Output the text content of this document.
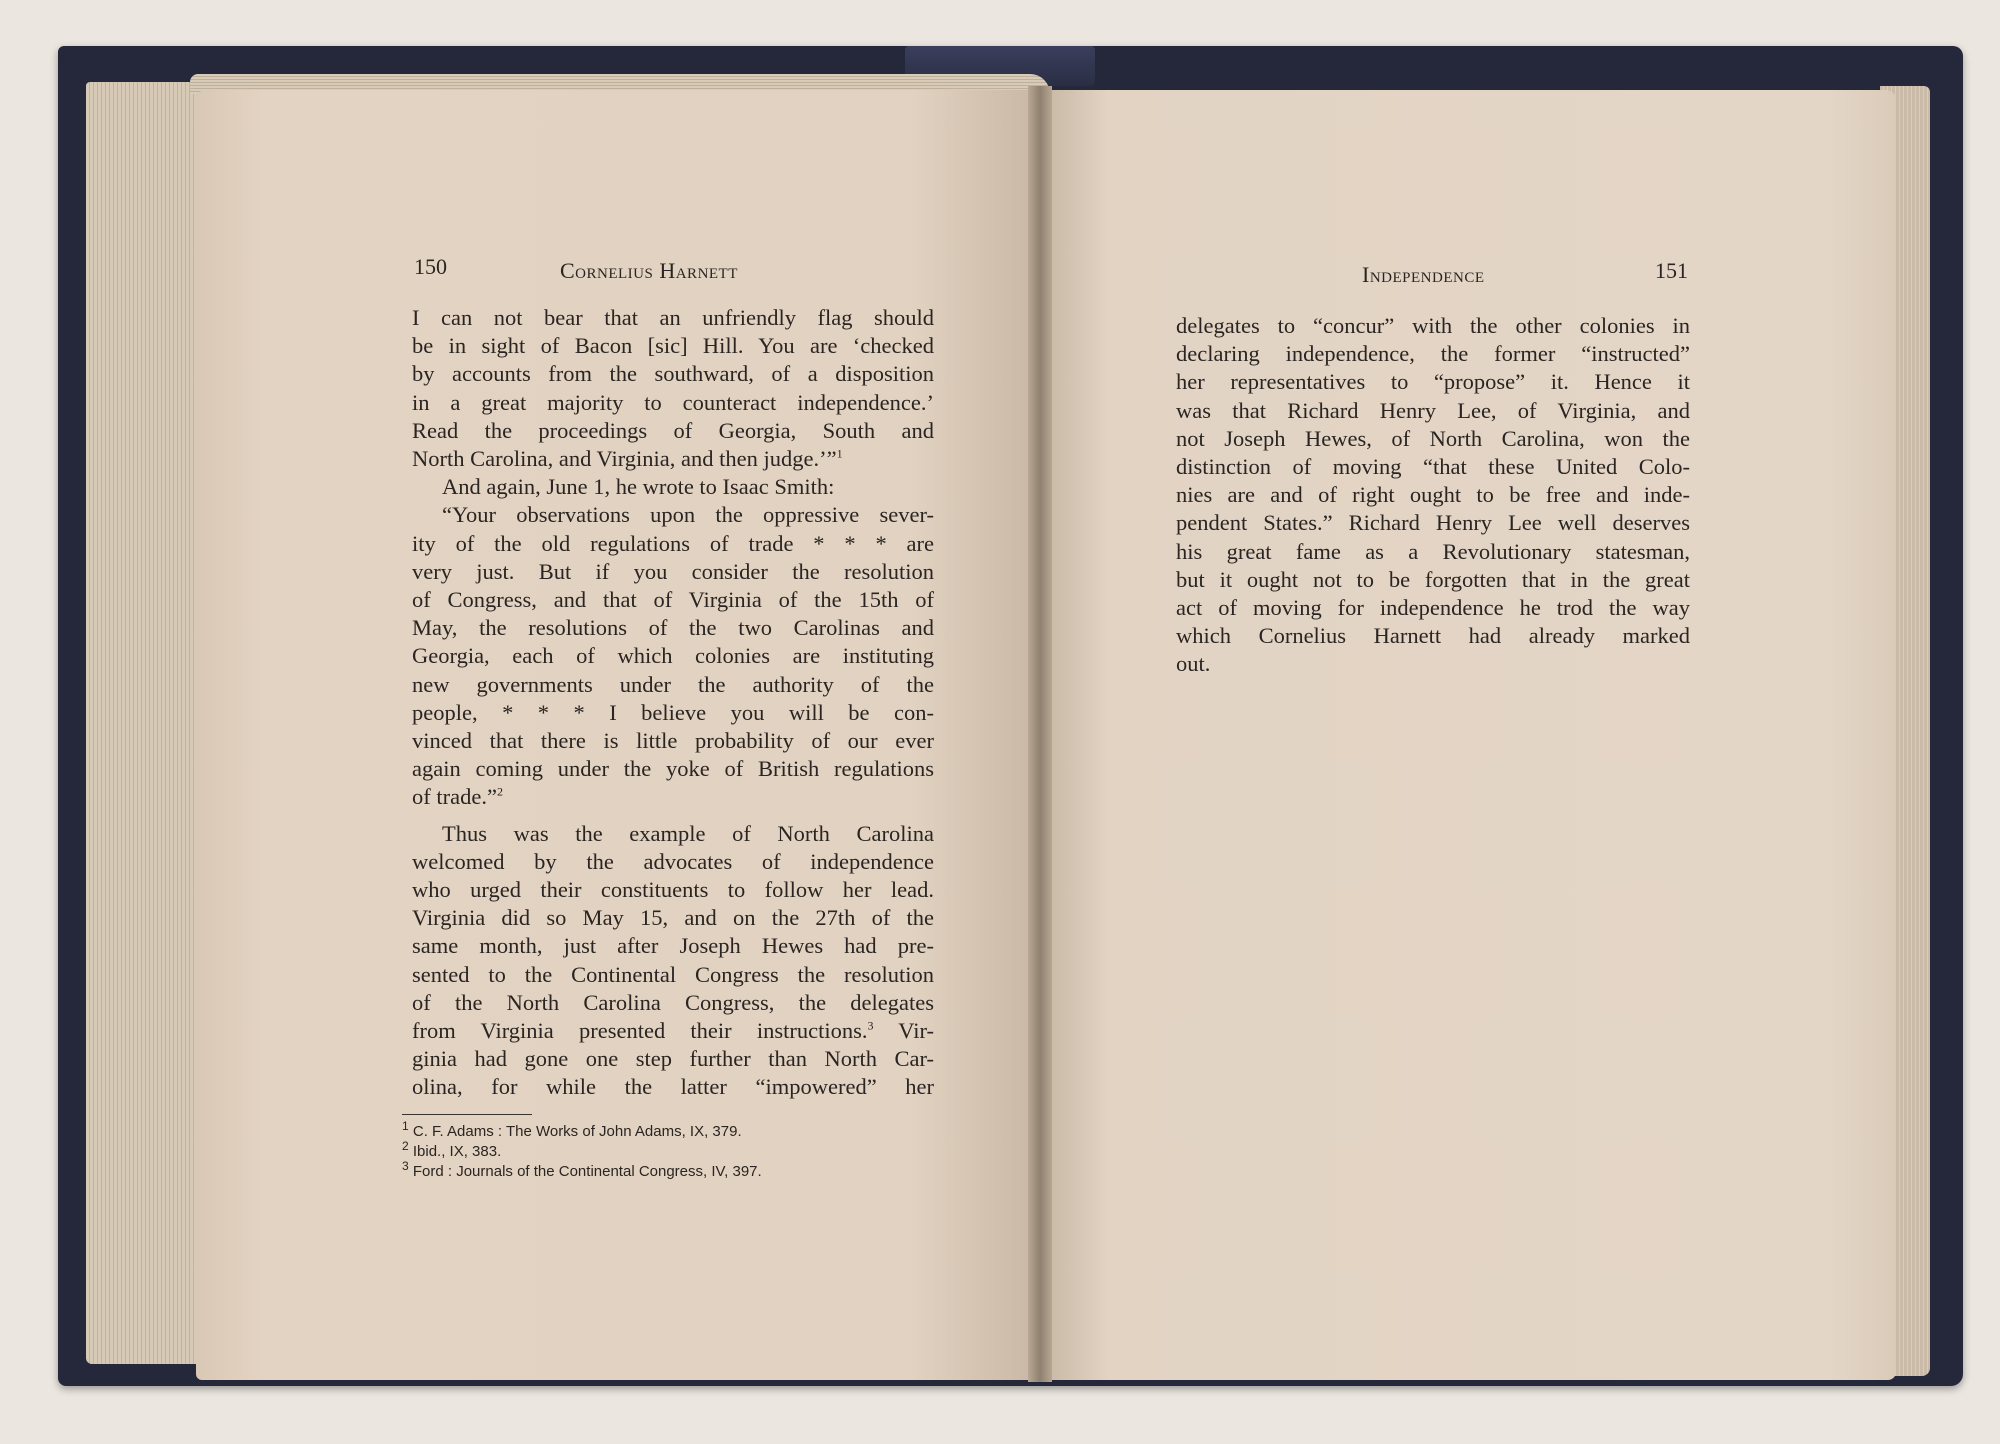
150	Cornelius Harnett
I can not bear that an unfriendly flag should
be in sight of Bacon [sic] Hill. You are ‘checked
by accounts from the southward, of a disposition
in a great majority to counteract independence.’
Read the proceedings of Georgia, South and
North Carolina, and Virginia, and then judge.’”$^1$

And again, June 1, he wrote to Isaac Smith:

“Your observations upon the oppressive sever-
ity of the old regulations of trade * * * are
very just. But if you consider the resolution
of Congress, and that of Virginia of the 15th of
May, the resolutions of the two Carolinas and
Georgia, each of which colonies are instituting
new governments under the authority of the
people, * * * I believe you will be con-
vinced that there is little probability of our ever
again coming under the yoke of British regulations
of trade.”$^2$
Thus was the example of North Carolina
welcomed by the advocates of independence
who urged their constituents to follow her lead.
Virginia did so May 15, and on the 27th of the
same month, just after Joseph Hewes had pre-
sented to the Continental Congress the resolution
of the North Carolina Congress, the delegates
from Virginia presented their instructions.$^3$ Vir-
ginia had gone one step further than North Car-
olina, for while the latter “impowered” her
$^1$ C. F. Adams : The Works of John Adams, IX, 379.
$^2$ Ibid., IX, 383.
$^3$ Ford : Journals of the Continental Congress, IV, 397.
Independence	151
delegates to “concur” with the other colonies in
declaring independence, the former “instructed”
her representatives to “propose” it. Hence it
was that Richard Henry Lee, of Virginia, and
not Joseph Hewes, of North Carolina, won the
distinction of moving “that these United Colo-
nies are and of right ought to be free and inde-
pendent States.” Richard Henry Lee well deserves
his great fame as a Revolutionary statesman,
but it ought not to be forgotten that in the great
act of moving for independence he trod the way
which Cornelius Harnett had already marked
out.
